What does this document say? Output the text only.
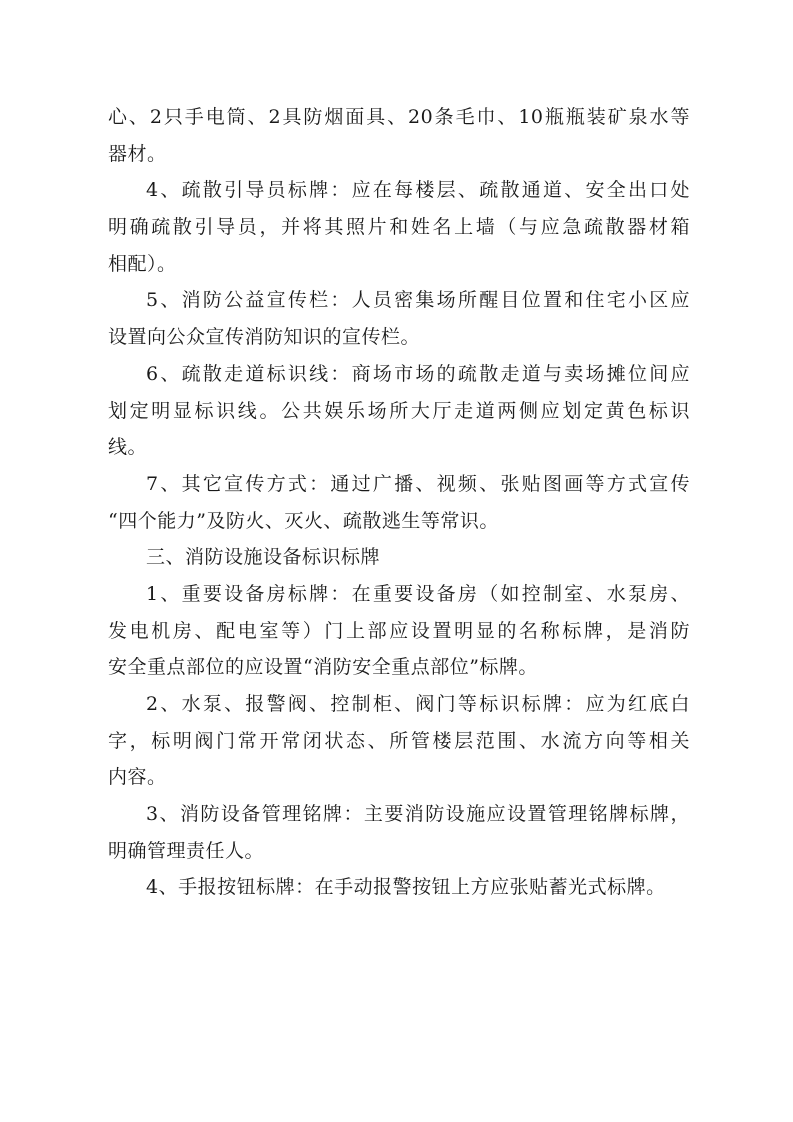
心、2只手电筒、2具防烟面具、20条毛巾、10瓶瓶装矿泉水等
器材。
4、疏散引导员标牌：应在每楼层、疏散通道、安全出口处
明确疏散引导员，并将其照片和姓名上墙（与应急疏散器材箱
相配）。
5、消防公益宣传栏：人员密集场所醒目位置和住宅小区应
设置向公众宣传消防知识的宣传栏。
6、疏散走道标识线：商场市场的疏散走道与卖场摊位间应
划定明显标识线。公共娱乐场所大厅走道两侧应划定黄色标识
线。
7、其它宣传方式：通过广播、视频、张贴图画等方式宣传
“四个能力”及防火、灭火、疏散逃生等常识。
三、消防设施设备标识标牌
1、重要设备房标牌：在重要设备房（如控制室、水泵房、
发电机房、配电室等）门上部应设置明显的名称标牌，是消防
安全重点部位的应设置“消防安全重点部位”标牌。
2、水泵、报警阀、控制柜、阀门等标识标牌：应为红底白
字，标明阀门常开常闭状态、所管楼层范围、水流方向等相关
内容。
3、消防设备管理铭牌：主要消防设施应设置管理铭牌标牌，
明确管理责任人。
4、手报按钮标牌：在手动报警按钮上方应张贴蓄光式标牌。
